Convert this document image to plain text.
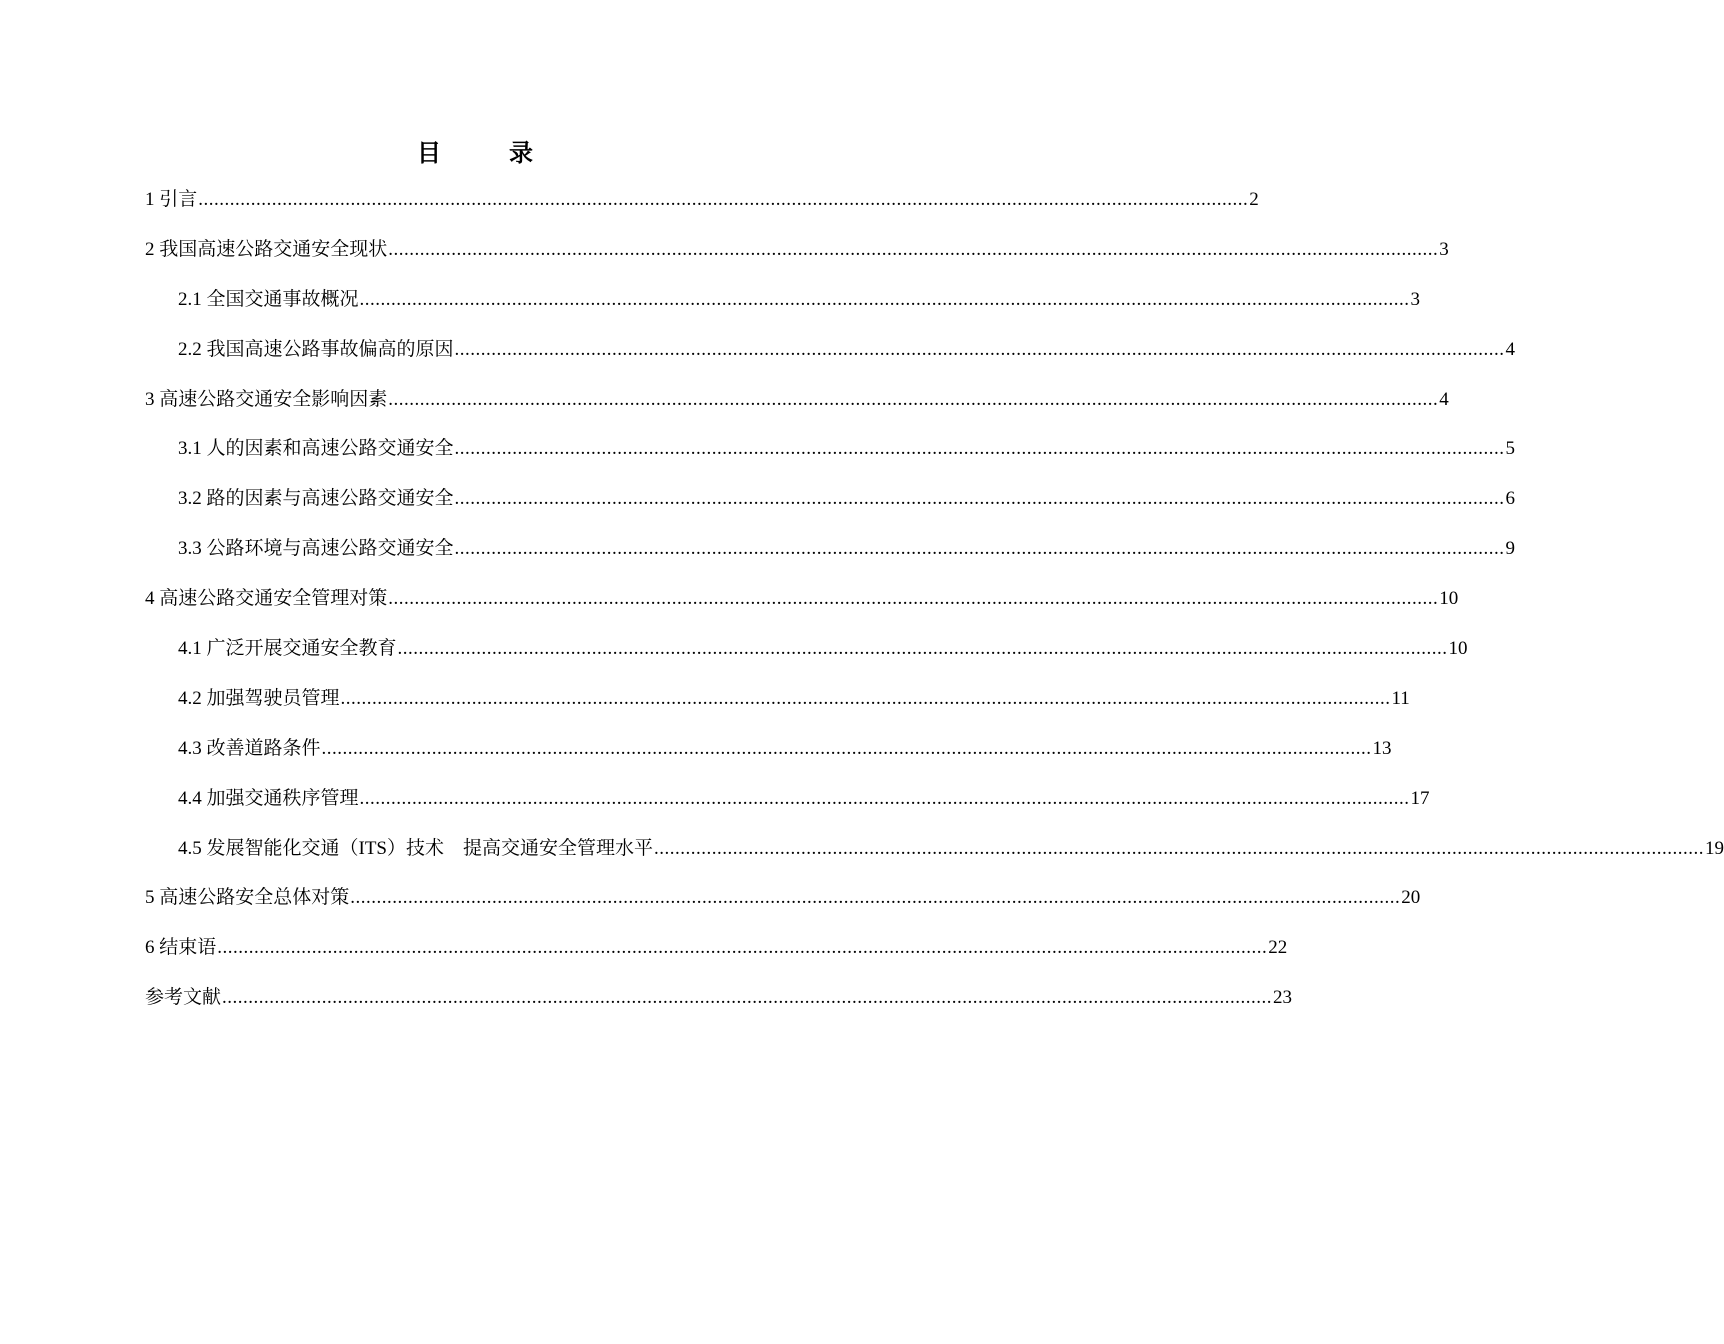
目　录
1 引言 ........................................................................................................................................................................................................ 2
2 我国高速公路交通安全现状 ........................................................................................................................................................................................................ 3
2.1 全国交通事故概况 ........................................................................................................................................................................................................ 3
2.2 我国高速公路事故偏高的原因 ........................................................................................................................................................................................................ 4
3 高速公路交通安全影响因素 ........................................................................................................................................................................................................ 4
3.1 人的因素和高速公路交通安全 ........................................................................................................................................................................................................ 5
3.2 路的因素与高速公路交通安全 ........................................................................................................................................................................................................ 6
3.3 公路环境与高速公路交通安全 ........................................................................................................................................................................................................ 9
4 高速公路交通安全管理对策 ........................................................................................................................................................................................................ 10
4.1 广泛开展交通安全教育 ........................................................................................................................................................................................................ 10
4.2 加强驾驶员管理 ........................................................................................................................................................................................................ 11
4.3 改善道路条件 ........................................................................................................................................................................................................ 13
4.4 加强交通秩序管理 ........................................................................................................................................................................................................ 17
4.5 发展智能化交通（ITS）技术　提高交通安全管理水平 ........................................................................................................................................................................................................ 19
5 高速公路安全总体对策 ........................................................................................................................................................................................................ 20
6 结束语 ........................................................................................................................................................................................................ 22
参考文献 ........................................................................................................................................................................................................ 23
